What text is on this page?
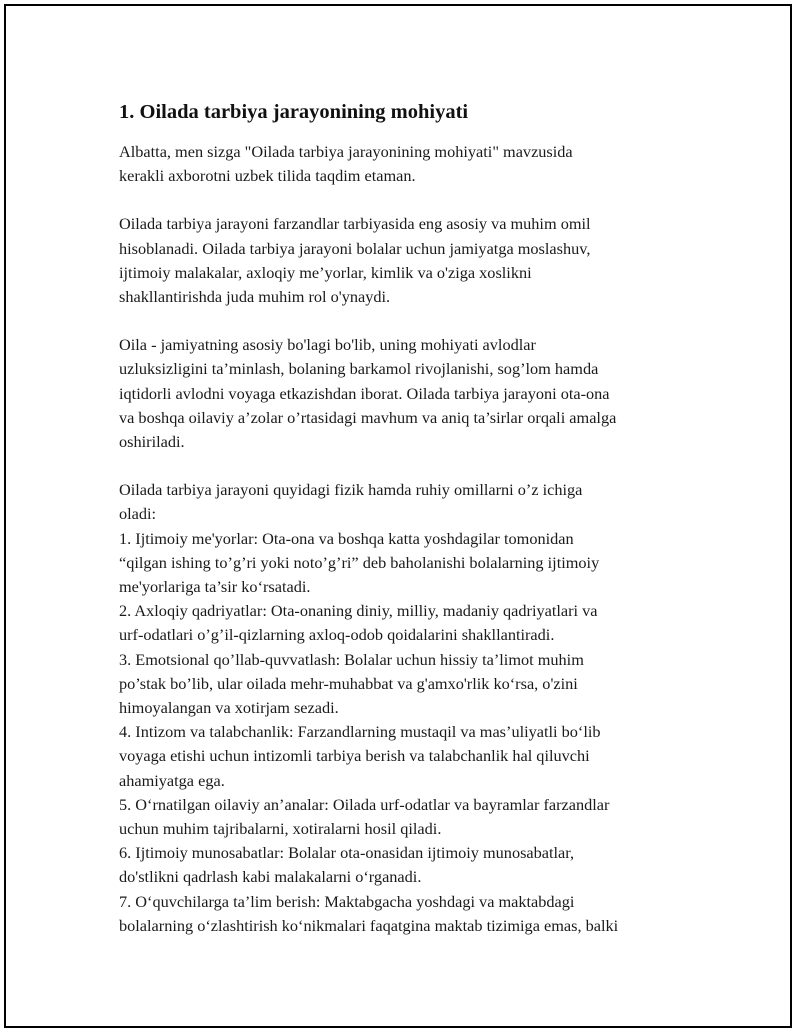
1. Oilada tarbiya jarayonining mohiyati
Albatta, men sizga "Oilada tarbiya jarayonining mohiyati" mavzusida
kerakli axborotni uzbek tilida taqdim etaman.
Oilada tarbiya jarayoni farzandlar tarbiyasida eng asosiy va muhim omil
hisoblanadi. Oilada tarbiya jarayoni bolalar uchun jamiyatga moslashuv,
ijtimoiy malakalar, axloqiy me’yorlar, kimlik va o'ziga xoslikni
shakllantirishda juda muhim rol o'ynaydi.
Oila - jamiyatning asosiy bo'lagi bo'lib, uning mohiyati avlodlar
uzluksizligini ta’minlash, bolaning barkamol rivojlanishi, sog’lom hamda
iqtidorli avlodni voyaga etkazishdan iborat. Oilada tarbiya jarayoni ota-ona
va boshqa oilaviy a’zolar o’rtasidagi mavhum va aniq ta’sirlar orqali amalga
oshiriladi.
Oilada tarbiya jarayoni quyidagi fizik hamda ruhiy omillarni o’z ichiga
oladi:
1. Ijtimoiy me'yorlar: Ota-ona va boshqa katta yoshdagilar tomonidan
“qilgan ishing to’g’ri yoki noto’g’ri” deb baholanishi bolalarning ijtimoiy
me'yorlariga ta’sir ko‘rsatadi.
2. Axloqiy qadriyatlar: Ota-onaning diniy, milliy, madaniy qadriyatlari va
urf-odatlari o’g’il-qizlarning axloq-odob qoidalarini shakllantiradi.
3. Emotsional qo’llab-quvvatlash: Bolalar uchun hissiy ta’limot muhim
po’stak bo’lib, ular oilada mehr-muhabbat va g'amxo'rlik ko‘rsa, o'zini
himoyalangan va xotirjam sezadi.
4. Intizom va talabchanlik: Farzandlarning mustaqil va mas’uliyatli bo‘lib
voyaga etishi uchun intizomli tarbiya berish va talabchanlik hal qiluvchi
ahamiyatga ega.
5. O‘rnatilgan oilaviy an’analar: Oilada urf-odatlar va bayramlar farzandlar
uchun muhim tajribalarni, xotiralarni hosil qiladi.
6. Ijtimoiy munosabatlar: Bolalar ota-onasidan ijtimoiy munosabatlar,
do'stlikni qadrlash kabi malakalarni o‘rganadi.
7. O‘quvchilarga ta’lim berish: Maktabgacha yoshdagi va maktabdagi
bolalarning o‘zlashtirish ko‘nikmalari faqatgina maktab tizimiga emas, balki
